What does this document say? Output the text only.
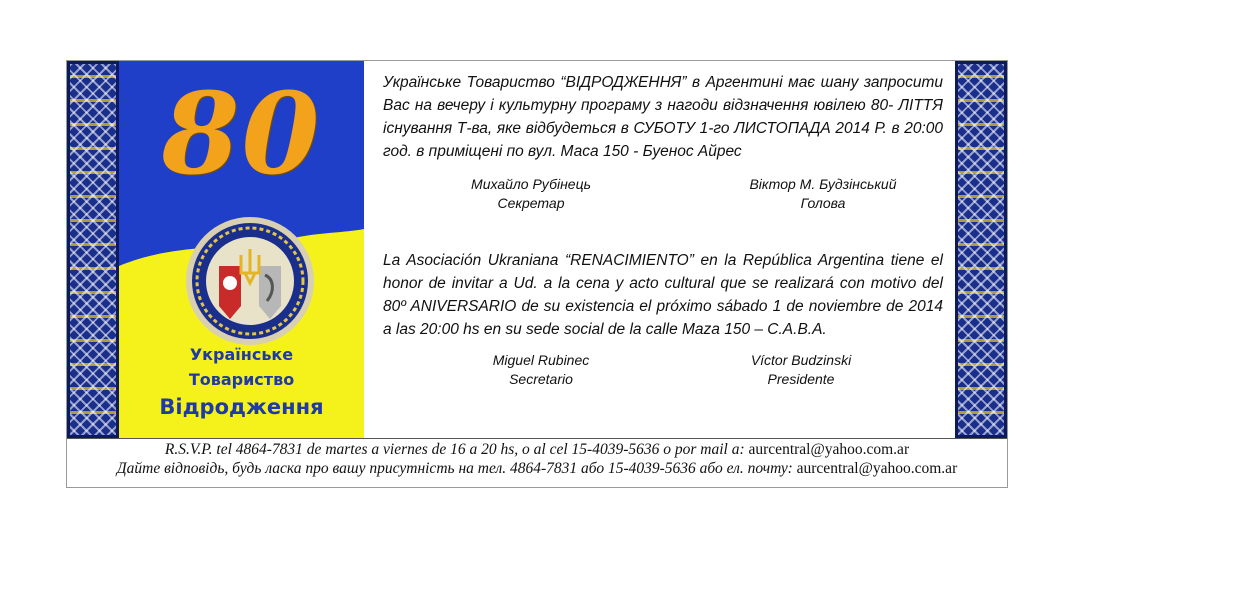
80
Українське
Товариство
Відродження
Українське Товариство “ВІДРОДЖЕННЯ” в Аргентині має шану запросити Вас на вечеру і культурну програму з нагоди відзначення ювілею 80- ЛІТТЯ існування Т-ва, яке відбудеться в СУБОТУ 1-го ЛИСТОПАДА 2014 Р. в 20:00 год. в приміщені по вул. Маса 150 - Буенос Айрес
Михайло Рубінець
Секретар
Віктор М. Будзінський
Голова
La Asociación Ukraniana “RENACIMIENTO” en la República Argentina tiene el honor de invitar a Ud. a la cena y acto cultural que se realizará con motivo del 80º ANIVERSARIO de su existencia el próximo sábado 1 de noviembre de 2014 a las 20:00 hs en su sede social de la calle Maza 150 – C.A.B.A.
Miguel Rubinec
Secretario
Víctor Budzinski
Presidente
R.S.V.P. tel 4864-7831 de martes a viernes de 16 a 20 hs, o al cel 15-4039-5636 o por mail a: aurcentral@yahoo.com.ar
Дайте відповідь, будь ласка про вашу присутність на тел. 4864-7831 або 15-4039-5636 або ел. почту: aurcentral@yahoo.com.ar
